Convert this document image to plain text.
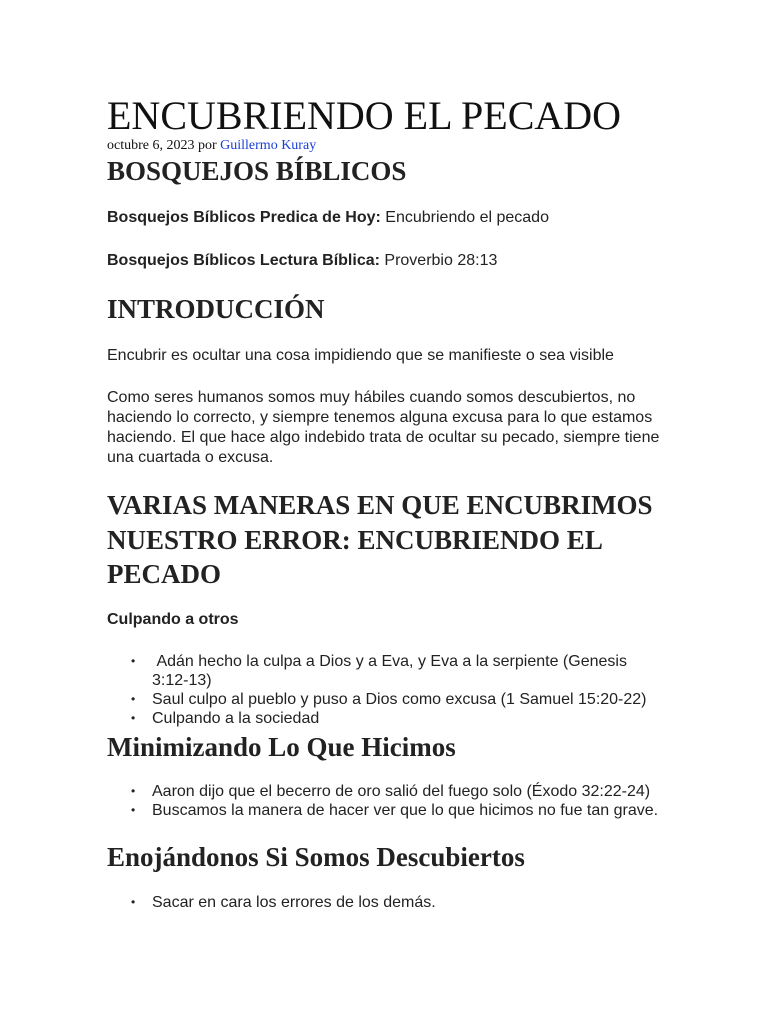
ENCUBRIENDO EL PECADO
octubre 6, 2023 por Guillermo Kuray
BOSQUEJOS BÍBLICOS

Bosquejos Bíblicos Predica de Hoy: Encubriendo el pecado

Bosquejos Bíblicos Lectura Bíblica: Proverbio 28:13

INTRODUCCIÓN

Encubrir es ocultar una cosa impidiendo que se manifieste o sea visible

Como seres humanos somos muy hábiles cuando somos descubiertos, no haciendo lo correcto, y siempre tenemos alguna excusa para lo que estamos haciendo. El que hace algo indebido trata de ocultar su pecado, siempre tiene una cuartada o excusa.

VARIAS MANERAS EN QUE ENCUBRIMOS NUESTRO ERROR: ENCUBRIENDO EL PECADO

Culpando a otros

• Adán hecho la culpa a Dios y a Eva, y Eva a la serpiente (Genesis 3:12-13)
• Saul culpo al pueblo y puso a Dios como excusa (1 Samuel 15:20-22)
• Culpando a la sociedad
Minimizando Lo Que Hicimos
• Aaron dijo que el becerro de oro salió del fuego solo (Éxodo 32:22-24)
• Buscamos la manera de hacer ver que lo que hicimos no fue tan grave.
Enojándonos Si Somos Descubiertos
• Sacar en cara los errores de los demás.
